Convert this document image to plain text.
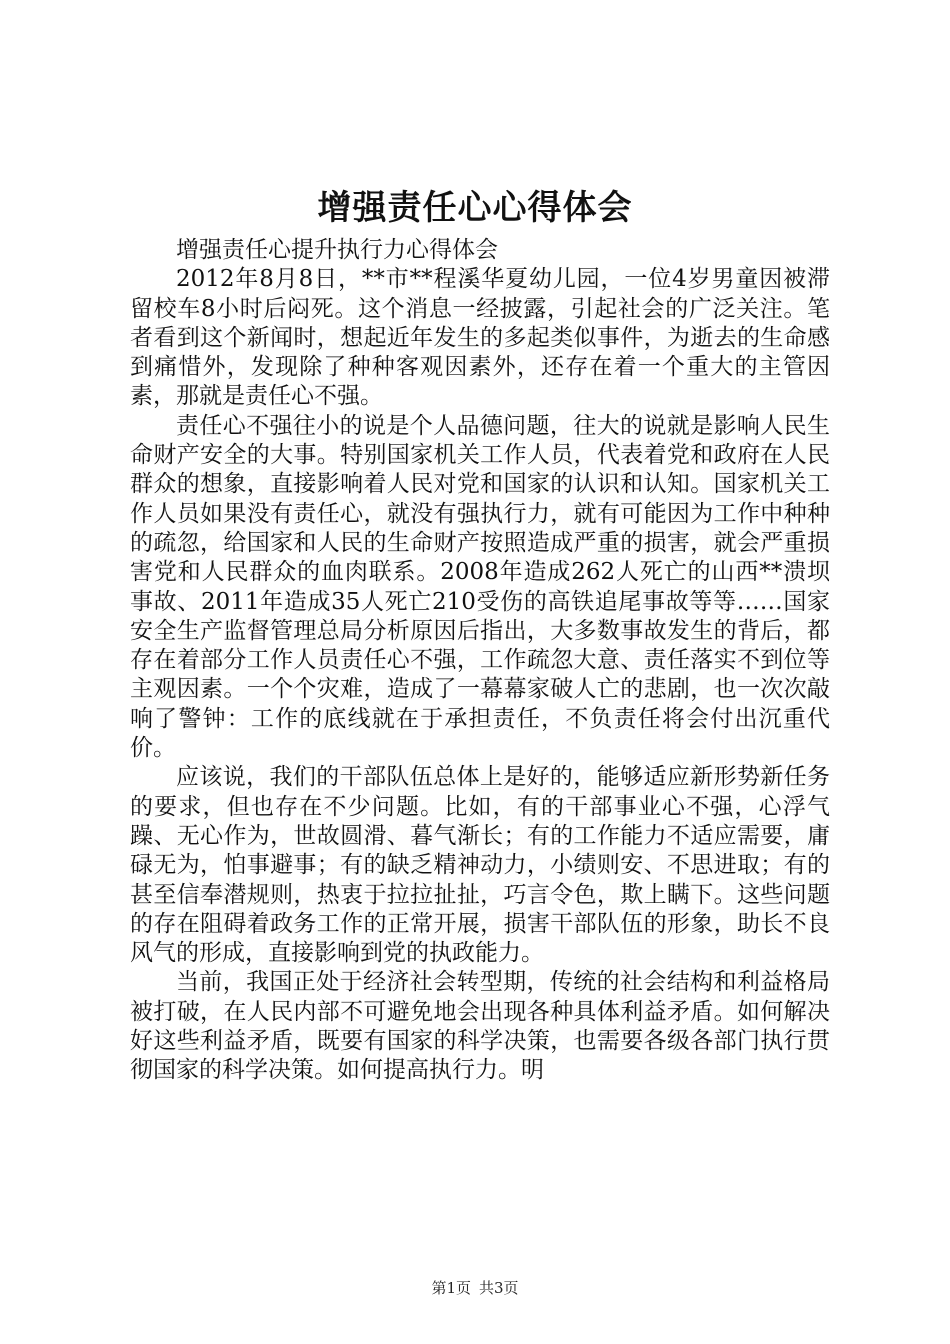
增强责任心心得体会

增强责任心提升执行力心得体会

2012年8月8日，**市**程溪华夏幼儿园，一位4岁男童因被滞留校车8小时后闷死。这个消息一经披露，引起社会的广泛关注。笔者看到这个新闻时，想起近年发生的多起类似事件，为逝去的生命感到痛惜外，发现除了种种客观因素外，还存在着一个重大的主管因素，那就是责任心不强。

责任心不强往小的说是个人品德问题，往大的说就是影响人民生命财产安全的大事。特别国家机关工作人员，代表着党和政府在人民群众的想象，直接影响着人民对党和国家的认识和认知。国家机关工作人员如果没有责任心，就没有强执行力，就有可能因为工作中种种的疏忽，给国家和人民的生命财产按照造成严重的损害，就会严重损害党和人民群众的血肉联系。2008年造成262人死亡的山西**溃坝事故、2011年造成35人死亡210受伤的高铁追尾事故等等……国家安全生产监督管理总局分析原因后指出，大多数事故发生的背后，都存在着部分工作人员责任心不强，工作疏忽大意、责任落实不到位等主观因素。一个个灾难，造成了一幕幕家破人亡的悲剧，也一次次敲响了警钟：工作的底线就在于承担责任，不负责任将会付出沉重代价。

应该说，我们的干部队伍总体上是好的，能够适应新形势新任务的要求，但也存在不少问题。比如，有的干部事业心不强，心浮气躁、无心作为，世故圆滑、暮气渐长；有的工作能力不适应需要，庸碌无为，怕事避事；有的缺乏精神动力，小绩则安、不思进取；有的甚至信奉潜规则，热衷于拉拉扯扯，巧言令色，欺上瞒下。这些问题的存在阻碍着政务工作的正常开展，损害干部队伍的形象，助长不良风气的形成，直接影响到党的执政能力。

当前，我国正处于经济社会转型期，传统的社会结构和利益格局被打破，在人民内部不可避免地会出现各种具体利益矛盾。如何解决好这些利益矛盾，既要有国家的科学决策，也需要各级各部门执行贯彻国家的科学决策。如何提高执行力。明

第1页 共3页
